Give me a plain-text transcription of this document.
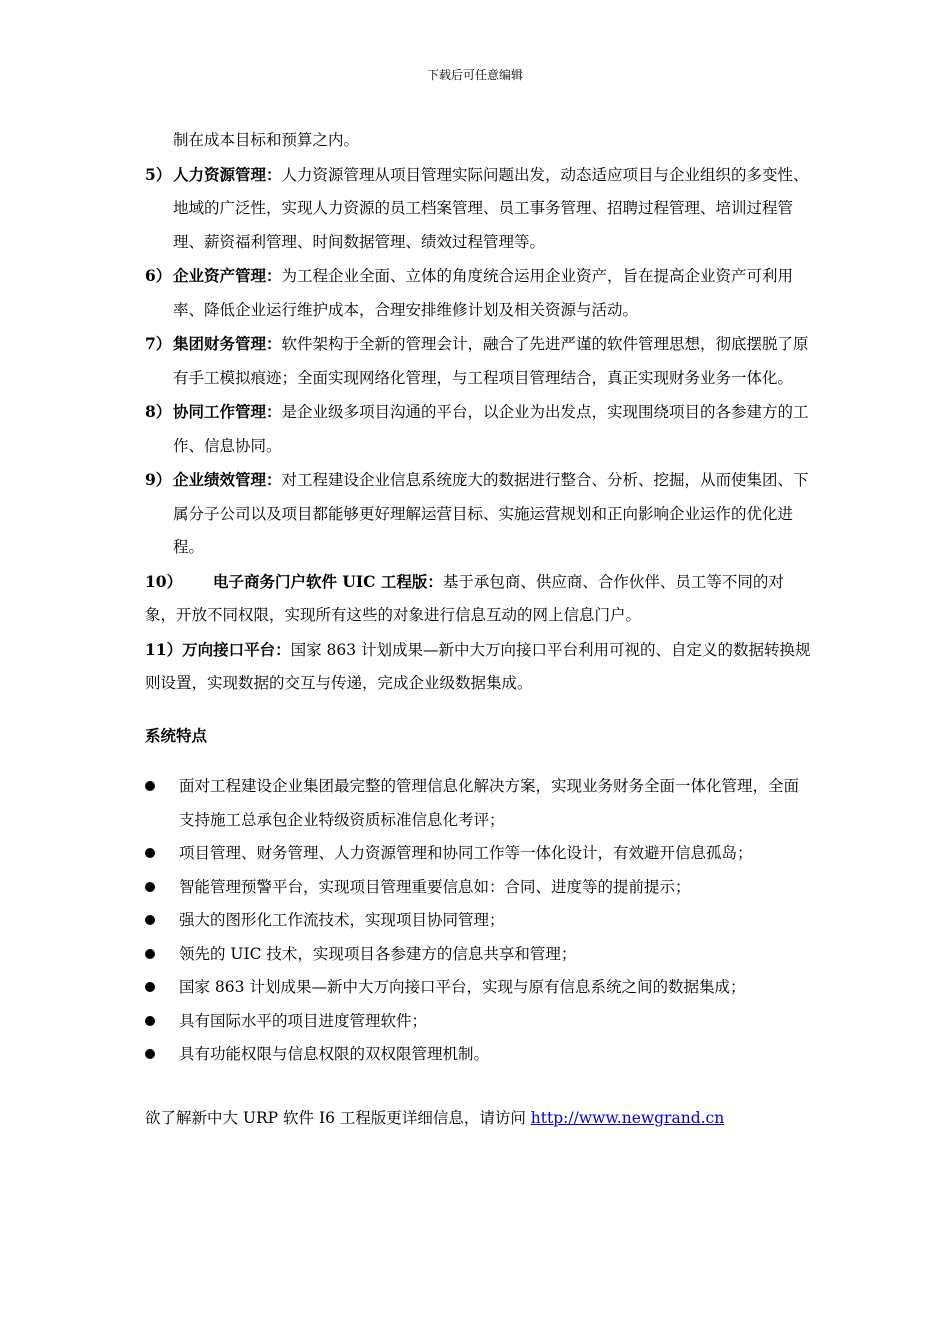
下载后可任意编辑

制在成本目标和预算之内。

5） 人力资源管理：人力资源管理从项目管理实际问题出发，动态适应项目与企业组织的多变性、地域的广泛性，实现人力资源的员工档案管理、员工事务管理、招聘过程管理、培训过程管理、薪资福利管理、时间数据管理、绩效过程管理等。
6） 企业资产管理：为工程企业全面、立体的角度统合运用企业资产，旨在提高企业资产可利用率、降低企业运行维护成本，合理安排维修计划及相关资源与活动。
7） 集团财务管理：软件架构于全新的管理会计，融合了先进严谨的软件管理思想，彻底摆脱了原有手工模拟痕迹；全面实现网络化管理，与工程项目管理结合，真正实现财务业务一体化。
8） 协同工作管理：是企业级多项目沟通的平台，以企业为出发点，实现围绕项目的各参建方的工作、信息协同。
9） 企业绩效管理：对工程建设企业信息系统庞大的数据进行整合、分析、挖掘，从而使集团、下属分子公司以及项目都能够更好理解运营目标、实施运营规划和正向影响企业运作的优化进程。
10） 电子商务门户软件 UIC 工程版：基于承包商、供应商、合作伙伴、员工等不同的对象，开放不同权限，实现所有这些的对象进行信息互动的网上信息门户。
11）万向接口平台：国家 863 计划成果—新中大万向接口平台利用可视的、自定义的数据转换规则设置，实现数据的交互与传递，完成企业级数据集成。
系统特点
面对工程建设企业集团最完整的管理信息化解决方案，实现业务财务全面一体化管理，全面支持施工总承包企业特级资质标准信息化考评；
项目管理、财务管理、人力资源管理和协同工作等一体化设计，有效避开信息孤岛；
智能管理预警平台，实现项目管理重要信息如：合同、进度等的提前提示；
强大的图形化工作流技术，实现项目协同管理；
领先的 UIC 技术，实现项目各参建方的信息共享和管理；
国家 863 计划成果—新中大万向接口平台，实现与原有信息系统之间的数据集成；
具有国际水平的项目进度管理软件；
具有功能权限与信息权限的双权限管理机制。
欲了解新中大 URP 软件 I6 工程版更详细信息，请访问 http://www.newgrand.cn
